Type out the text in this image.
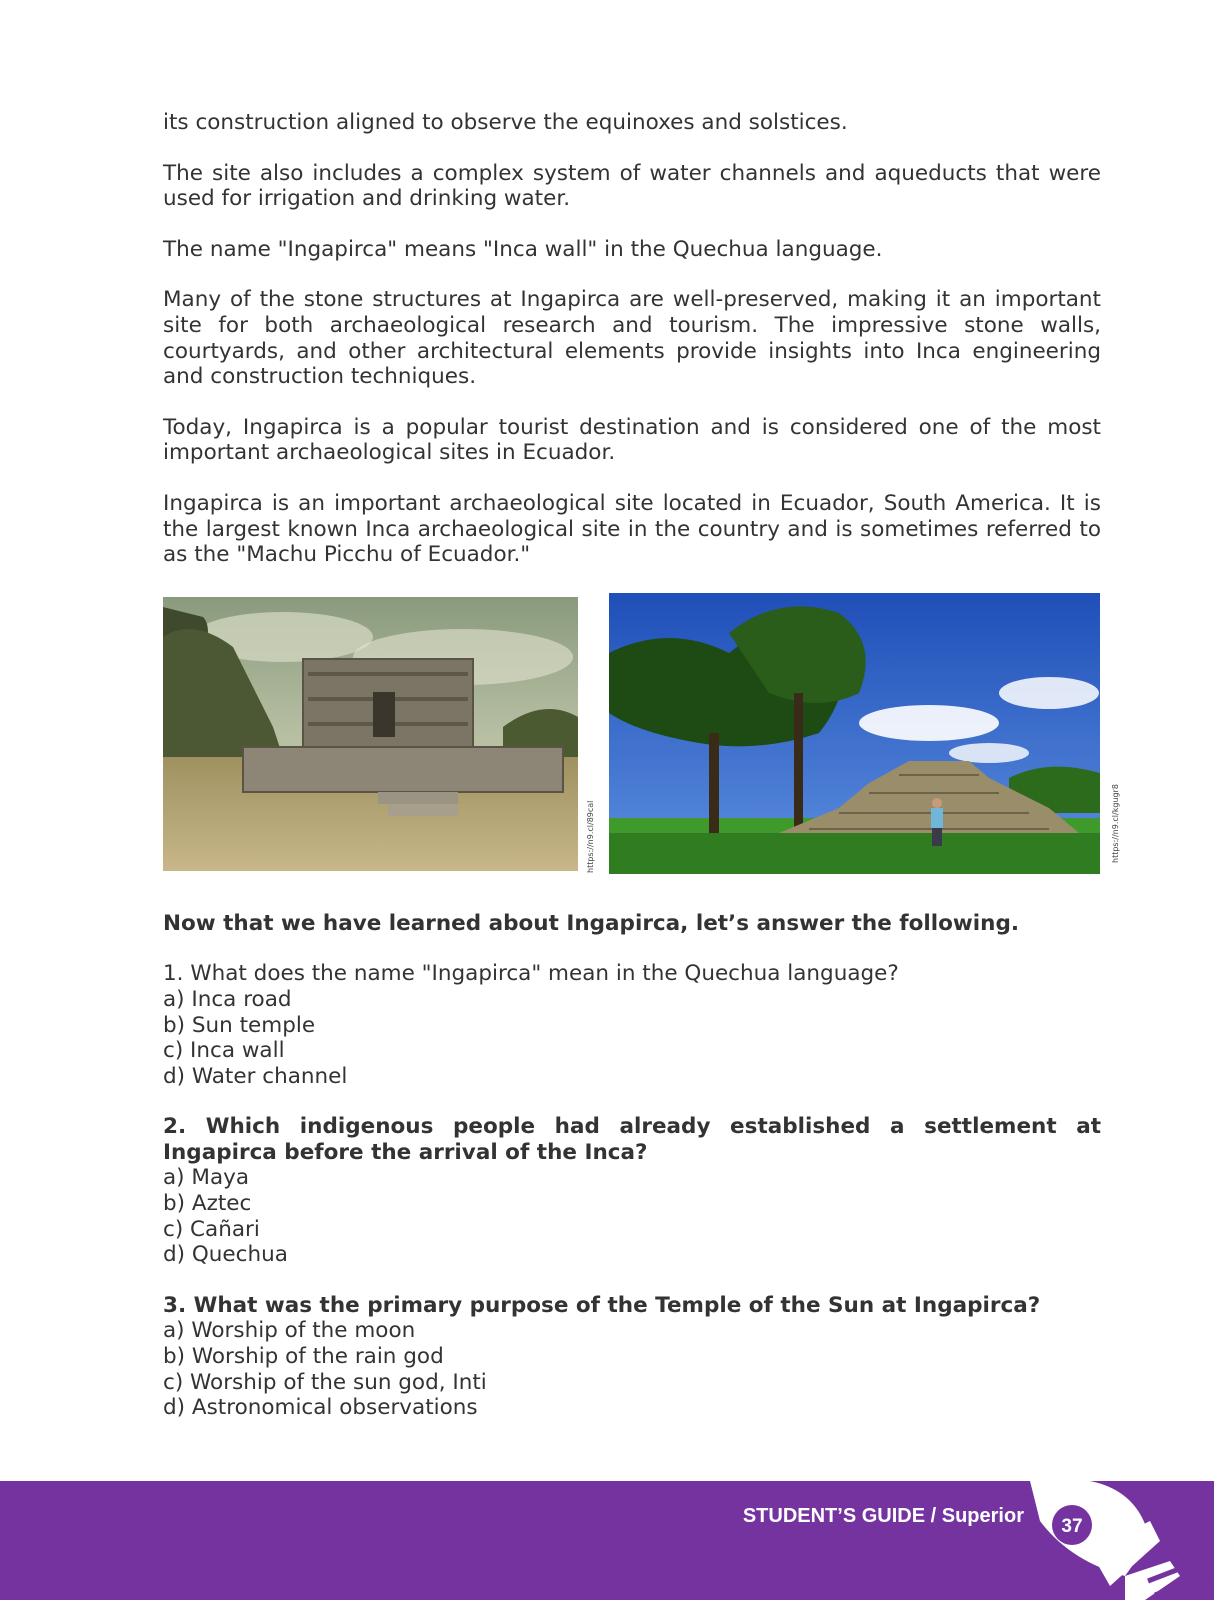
its construction aligned to observe the equinoxes and solstices.

The site also includes a complex system of water channels and aqueducts that were used for irrigation and drinking water.

The name "Ingapirca" means "Inca wall" in the Quechua language.

Many of the stone structures at Ingapirca are well-preserved, making it an important site for both archaeological research and tourism. The impressive stone walls, courtyards, and other architectural elements provide insights into Inca engineering and construction techniques.

Today, Ingapirca is a popular tourist destination and is considered one of the most important archaeological sites in Ecuador.

Ingapirca is an important archaeological site located in Ecuador, South America. It is the largest known Inca archaeological site in the country and is sometimes referred to as the "Machu Picchu of Ecuador."

https://n9.cl/89cal	https://n9.cl/kgugr8
Now that we have learned about Ingapirca, let’s answer the following.
1. What does the name "Ingapirca" mean in the Quechua language?
a) Inca road
b) Sun temple
c) Inca wall
d) Water channel
2. Which indigenous people had already established a settlement at Ingapirca before the arrival of the Inca?
a) Maya
b) Aztec
c) Cañari
d) Quechua
3. What was the primary purpose of the Temple of the Sun at Ingapirca?
a) Worship of the moon
b) Worship of the rain god
c) Worship of the sun god, Inti
d) Astronomical observations
STUDENT’S GUIDE / Superior 37
